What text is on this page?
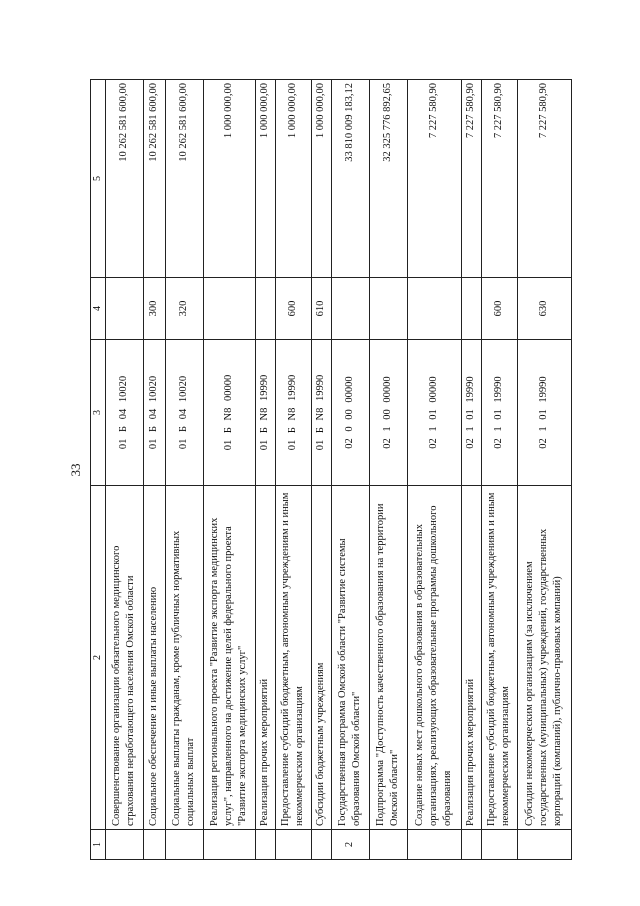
33
1	2	3	4	5
	Совершенствование организации обязательного медицинского страхования неработающего населения Омской области	01 Б 04 10020		10 262 581 600,00
	Социальное обеспечение и иные выплаты населению	01 Б 04 10020	300	10 262 581 600,00
	Социальные выплаты гражданам, кроме публичных нормативных социальных выплат	01 Б 04 10020	320	10 262 581 600,00
	Реализация регионального проекта "Развитие экспорта медицинских услуг", направленного на достижение целей федерального проекта "Развитие экспорта медицинских услуг"	01 Б N8 00000		1 000 000,00
	Реализация прочих мероприятий	01 Б N8 19990		1 000 000,00
	Предоставление субсидий бюджетным, автономным учреждениям и иным некоммерческим организациям	01 Б N8 19990	600	1 000 000,00
	Субсидии бюджетным учреждениям	01 Б N8 19990	610	1 000 000,00
2	Государственная программа Омской области "Развитие системы образования Омской области"	02 0 00 00000		33 810 009 183,12
	Подпрограмма "Доступность качественного образования на территории Омской области"	02 1 00 00000		32 325 776 892,65
	Создание новых мест дошкольного образования в образовательных организациях, реализующих образовательные программы дошкольного образования	02 1 01 00000		7 227 580,90
	Реализация прочих мероприятий	02 1 01 19990		7 227 580,90
	Предоставление субсидий бюджетным, автономным учреждениям и иным некоммерческим организациям	02 1 01 19990	600	7 227 580,90
	Субсидии некоммерческим организациям (за исключением государственных (муниципальных) учреждений, государственных корпораций (компаний), публично-правовых компаний)	02 1 01 19990	630	7 227 580,90
